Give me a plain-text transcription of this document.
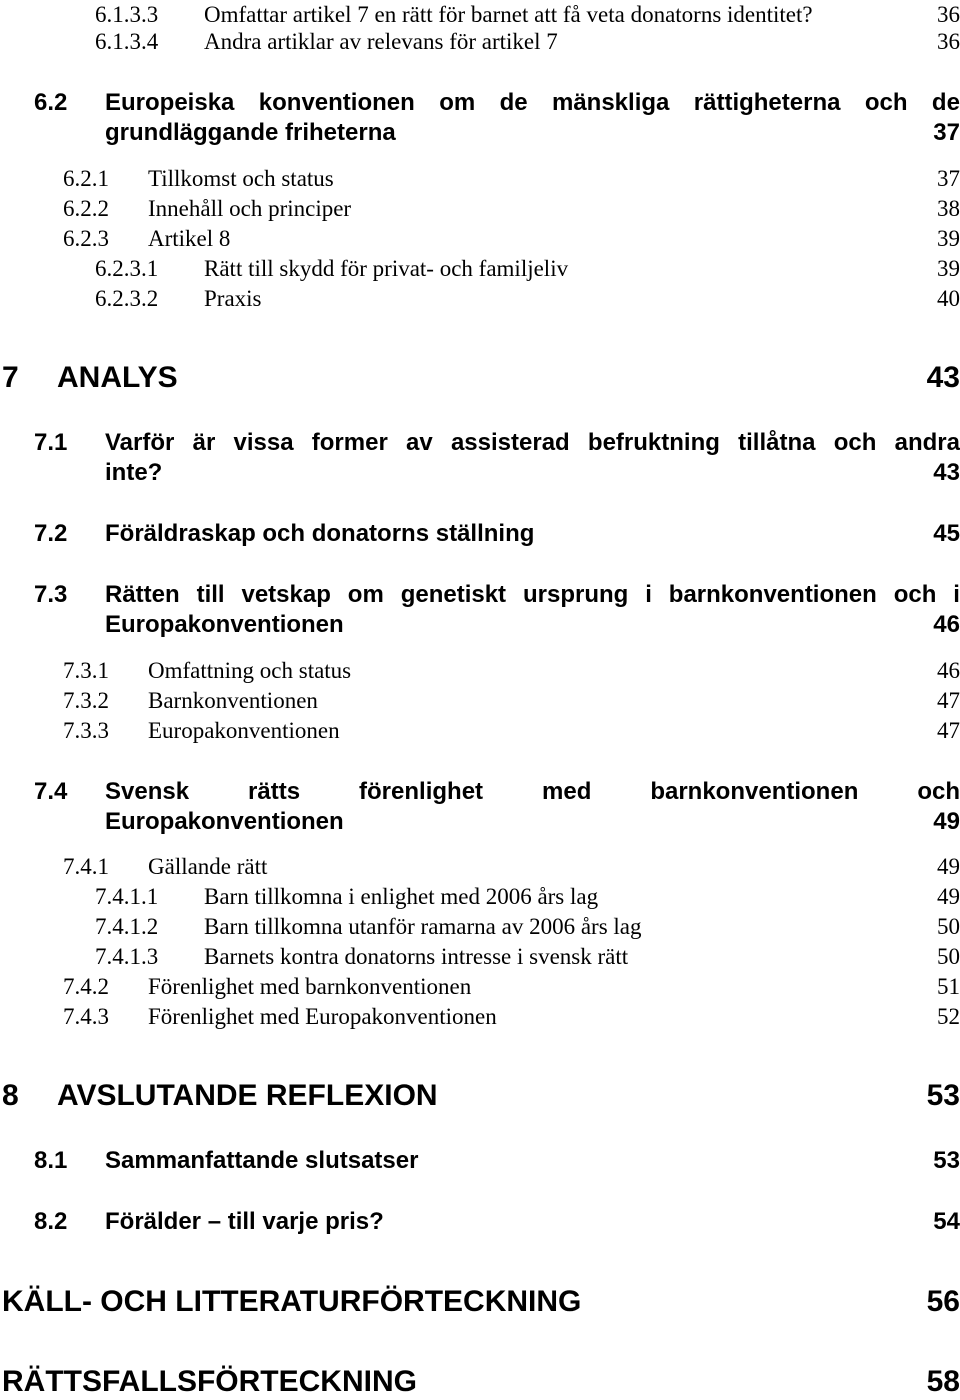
6.1.3.3 Omfattar artikel 7 en rätt för barnet att få veta donatorns identitet?	36
6.1.3.4 Andra artiklar av relevans för artikel 7	36
6.2 Europeiska konventionen om de mänskliga rättigheterna och de
grundläggande friheterna	37
6.2.1 Tillkomst och status	37
6.2.2 Innehåll och principer	38
6.2.3 Artikel 8	39
6.2.3.1 Rätt till skydd för privat- och familjeliv	39
6.2.3.2 Praxis	40
7 ANALYS	43
7.1 Varför är vissa former av assisterad befruktning tillåtna och andra
inte?	43
7.2 Föräldraskap och donatorns ställning	45
7.3 Rätten till vetskap om genetiskt ursprung i barnkonventionen och i
Europakonventionen	46
7.3.1 Omfattning och status	46
7.3.2 Barnkonventionen	47
7.3.3 Europakonventionen	47
7.4 Svensk rätts förenlighet med barnkonventionen och
Europakonventionen	49
7.4.1 Gällande rätt	49
7.4.1.1 Barn tillkomna i enlighet med 2006 års lag	49
7.4.1.2 Barn tillkomna utanför ramarna av 2006 års lag	50
7.4.1.3 Barnets kontra donatorns intresse i svensk rätt	50
7.4.2 Förenlighet med barnkonventionen	51
7.4.3 Förenlighet med Europakonventionen	52
8 AVSLUTANDE REFLEXION	53
8.1 Sammanfattande slutsatser	53
8.2 Förälder – till varje pris?	54
KÄLL- OCH LITTERATURFÖRTECKNING	56
RÄTTSFALLSFÖRTECKNING	58
